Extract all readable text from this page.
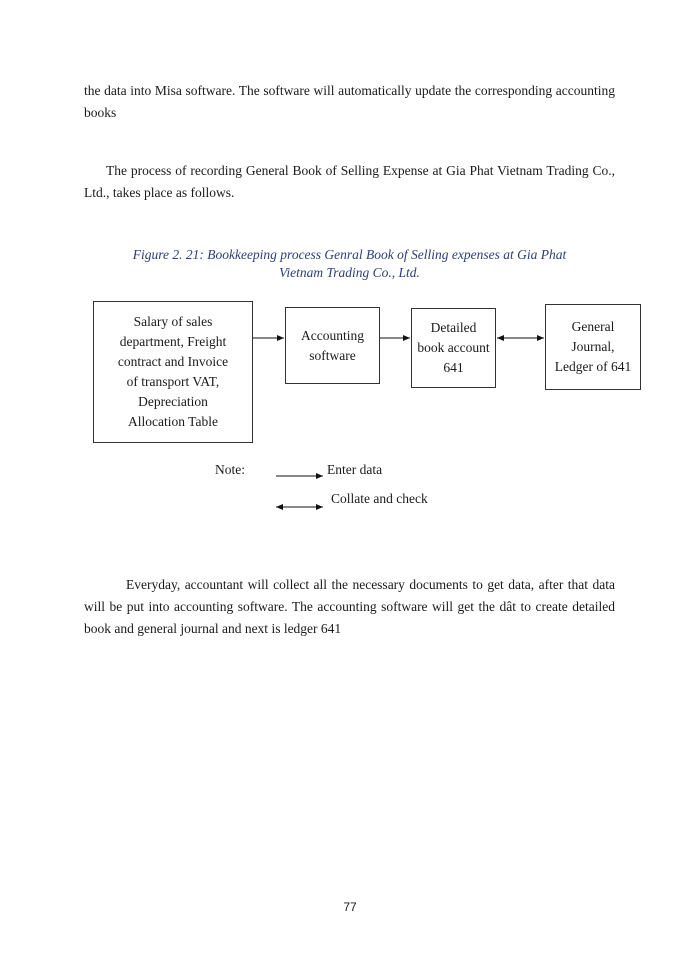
the data into Misa software. The software will automatically update the corresponding accounting books

The process of recording General Book of Selling Expense at Gia Phat Vietnam Trading Co., Ltd., takes place as follows.

Figure 2. 21: Bookkeeping process Genral Book of Selling expenses at Gia Phat
Vietnam Trading Co., Ltd.
Salary of sales
department, Freight
contract and Invoice
of transport VAT,
Depreciation
Allocation Table
Accounting
software
Detailed
book account
641
General
Journal,
Ledger of 641

Note:	Enter data

Collate and check

Everyday, accountant will collect all the necessary documents to get data, after that data will be put into accounting software. The accounting software will get the dât to create detailed book and general journal and next is ledger 641

77
